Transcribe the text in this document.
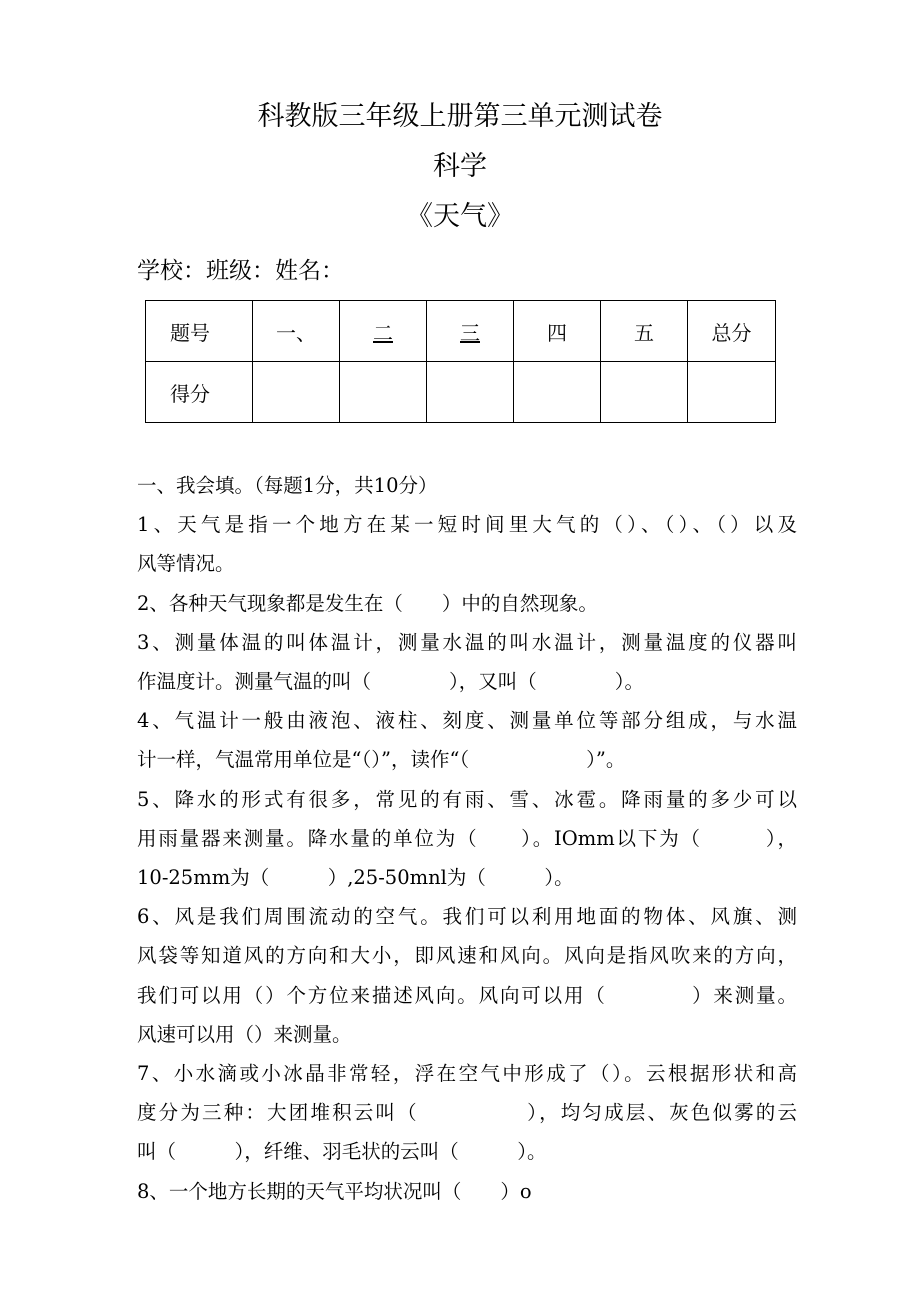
科教版三年级上册第三单元测试卷
科学
《天气》
学校：班级：姓名：
题号	一、	二	三	四	五	总分
得分						

一、我会填。（每题1分，共10分）

1、天气是指一个地方在某一短时间里大气的（）、（）、（）以及

风等情况。

2、各种天气现象都是发生在（　　）中的自然现象。

3、测量体温的叫体温计，测量水温的叫水温计，测量温度的仪器叫

作温度计。测量气温的叫（　　　　），又叫（　　　　）。

4、气温计一般由液泡、液柱、刻度、测量单位等部分组成，与水温

计一样，气温常用单位是“（）”，读作“（　　　　　　）”。

5、降水的形式有很多，常见的有雨、雪、冰雹。降雨量的多少可以

用雨量器来测量。降水量的单位为（　　）。IOmm以下为（　　　），

10-25mm为（　　　）,25-50mnl为（　　　）。

6、风是我们周围流动的空气。我们可以利用地面的物体、风旗、测

风袋等知道风的方向和大小，即风速和风向。风向是指风吹来的方向，

我们可以用（）个方位来描述风向。风向可以用（　　　　）来测量。

风速可以用（）来测量。

7、小水滴或小冰晶非常轻，浮在空气中形成了（）。云根据形状和高

度分为三种：大团堆积云叫（　　　　　），均匀成层、灰色似雾的云

叫（　　　），纤维、羽毛状的云叫（　　　）。

8、一个地方长期的天气平均状况叫（　　）o
